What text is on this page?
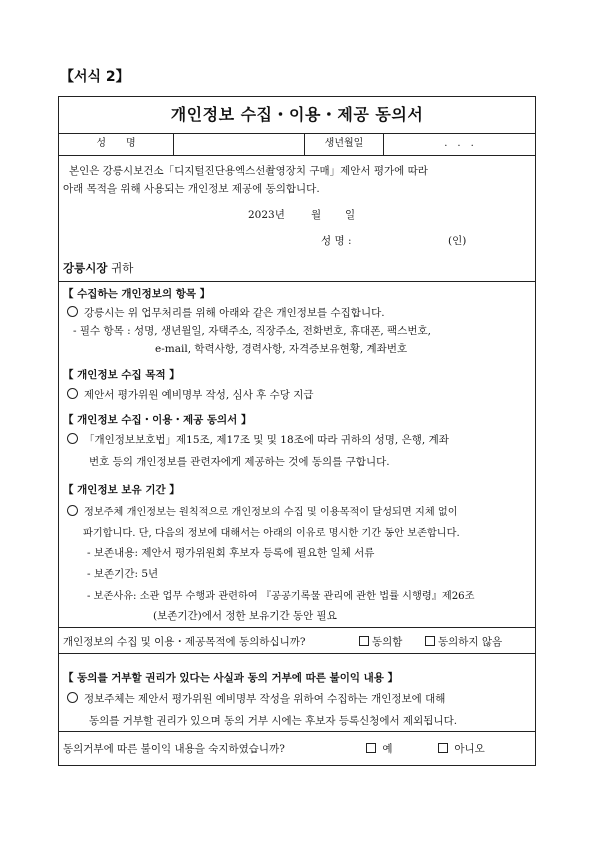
【서식 2】
개인정보 수집・이용・제공 동의서
성　　명	생년월일	.　.　.
본인은 강릉시보건소「디지털진단용엑스선촬영장치 구매」제안서 평가에 따라
아래 목적을 위해 사용되는 개인정보 제공에 동의합니다.
2023년 월 일
성 명 :	(인)
강릉시장 귀하
【 수집하는 개인정보의 항목 】
강릉시는 위 업무처리를 위해 아래와 같은 개인정보를 수집합니다.
- 필수 항목 : 성명, 생년월일, 자택주소, 직장주소, 전화번호, 휴대폰, 팩스번호,
e-mail, 학력사항, 경력사항, 자격증보유현황, 계좌번호
【 개인정보 수집 목적 】
제안서 평가위원 예비명부 작성, 심사 후 수당 지급
【 개인정보 수집・이용・제공 동의서 】
「개인정보보호법」제15조, 제17조 및 및 18조에 따라 귀하의 성명, 은행, 계좌
번호 등의 개인정보를 관련자에게 제공하는 것에 동의를 구합니다.
【 개인정보 보유 기간 】
정보주체 개인정보는 원칙적으로 개인정보의 수집 및 이용목적이 달성되면 지체 없이
파기합니다. 단, 다음의 정보에 대해서는 아래의 이유로 명시한 기간 동안 보존합니다.
- 보존내용: 제안서 평가위원회 후보자 등록에 필요한 일체 서류
- 보존기간: 5년
- 보존사유: 소관 업무 수행과 관련하여 『공공기록물 관리에 관한 법률 시행령』제26조
(보존기간)에서 정한 보유기간 동안 필요
개인정보의 수집 및 이용・제공목적에 동의하십니까?	동의함	동의하지 않음
【 동의를 거부할 권리가 있다는 사실과 동의 거부에 따른 불이익 내용 】
정보주체는 제안서 평가위원 예비명부 작성을 위하여 수집하는 개인정보에 대해
동의를 거부할 권리가 있으며 동의 거부 시에는 후보자 등록신청에서 제외됩니다.
동의거부에 따른 불이익 내용을 숙지하였습니까?	예	아니오
